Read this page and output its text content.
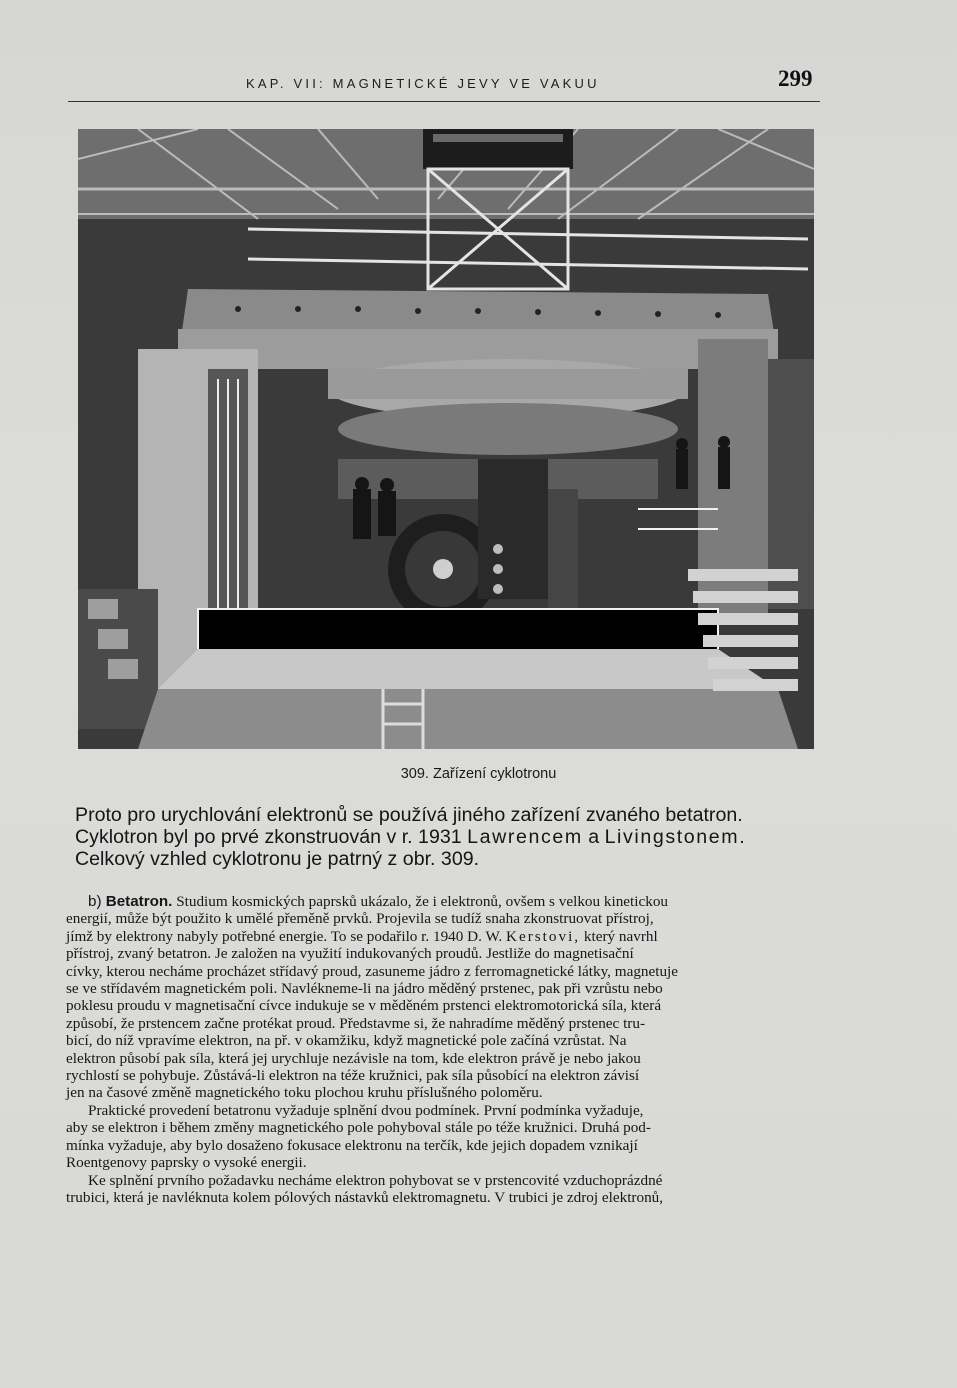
KAP. VII: MAGNETICKÉ JEVY VE VAKUU	299
309. Zařízení cyklotronu

Proto pro urychlování elektronů se používá jiného zařízení zvaného betatron.

Cyklotron byl po prvé zkonstruován v r. 1931 Lawrencem a Livingstonem.

Celkový vzhled cyklotronu je patrný z obr. 309.

b) Betatron. Studium kosmických paprsků ukázalo, že i elektronů, ovšem s velkou kinetickou
energií, může být použito k umělé přeměně prvků. Projevila se tudíž snaha zkonstruovat přístroj,
jímž by elektrony nabyly potřebné energie. To se podařilo r. 1940 D. W. Kerstovi, který navrhl
přístroj, zvaný betatron. Je založen na využití indukovaných proudů. Jestliže do magnetisační
cívky, kterou necháme procházet střídavý proud, zasuneme jádro z ferromagnetické látky, magnetuje
se ve střídavém magnetickém poli. Navlékneme-li na jádro měděný prstenec, pak při vzrůstu nebo
poklesu proudu v magnetisační cívce indukuje se v měděném prstenci elektromotorická síla, která
způsobí, že prstencem začne protékat proud. Představme si, že nahradíme měděný prstenec tru-
bicí, do níž vpravíme elektron, na př. v okamžiku, když magnetické pole začíná vzrůstat. Na
elektron působí pak síla, která jej urychluje nezávisle na tom, kde elektron právě je nebo jakou
rychlostí se pohybuje. Zůstává-li elektron na téže kružnici, pak síla působící na elektron závisí
jen na časové změně magnetického toku plochou kruhu příslušného poloměru.

Praktické provedení betatronu vyžaduje splnění dvou podmínek. První podmínka vyžaduje,
aby se elektron i během změny magnetického pole pohyboval stále po téže kružnici. Druhá pod-
mínka vyžaduje, aby bylo dosaženo fokusace elektronu na terčík, kde jejich dopadem vznikají
Roentgenovy paprsky o vysoké energii.

Ke splnění prvního požadavku necháme elektron pohybovat se v prstencovité vzduchoprázdné
trubici, která je navléknuta kolem pólových nástavků elektromagnetu. V trubici je zdroj elektronů,
